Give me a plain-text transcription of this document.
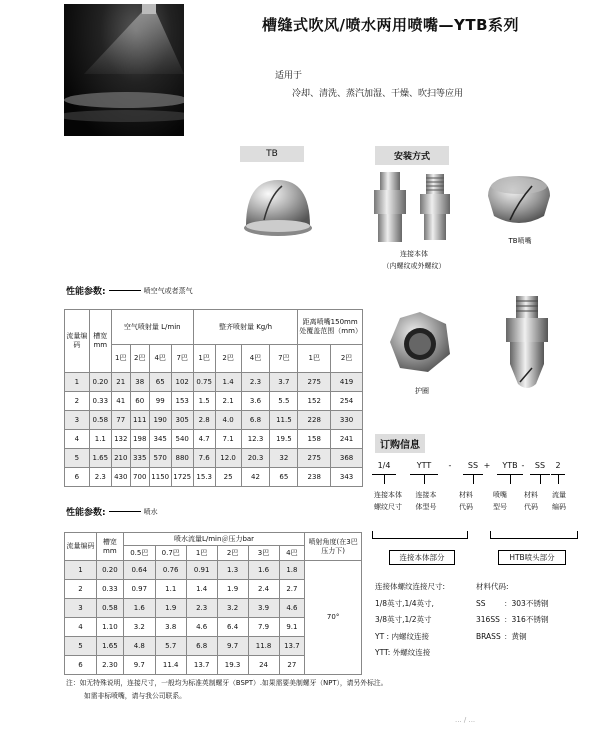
槽缝式吹风/喷水两用喷嘴—YTB系列
适用于
冷却、清洗、蒸汽加湿、干燥、吹扫等应用
TB	安装方式
连接本体
（内螺纹或外螺纹）
TB喷嘴
护圈
性能参数:	喷空气或者蒸气
流量编码	槽宽
mm	空气喷射量 L/min				整齐喷射量 Kg/h				距离喷嘴150mm处覆盖范围（mm）	
		1巴	2巴	4巴	7巴	1巴	2巴	4巴	7巴	1巴	2巴
1	0.20	21	38	65	102	0.75	1.4	2.3	3.7	275	419
2	0.33	41	60	99	153	1.5	2.1	3.6	5.5	152	254
3	0.58	77	111	190	305	2.8	4.0	6.8	11.5	228	330
4	1.1	132	198	345	540	4.7	7.1	12.3	19.5	158	241
5	1.65	210	335	570	880	7.6	12.0	20.3	32	275	368
6	2.3	430	700	1150	1725	15.3	25	42	65	238	343
性能参数:	喷水
流量编码	槽宽
mm	喷水流量L/min＠压力bar						喷射角度(在3巴压力下)
		0.5巴	0.7巴	1巴	2巴	3巴	4巴	
1	0.20	0.64	0.76	0.91	1.3	1.6	1.8	70°
2	0.33	0.97	1.1	1.4	1.9	2.4	2.7	
3	0.58	1.6	1.9	2.3	3.2	3.9	4.6	
4	1.10	3.2	3.8	4.6	6.4	7.9	9.1	
5	1.65	4.8	5.7	6.8	9.7	11.8	13.7	
6	2.30	9.7	11.4	13.7	19.3	24	27	
订购信息
1/4	YTT	-	SS +	YTB -	SS	2
连接本体
螺纹尺寸
连接本
体型号
材料
代码
喷嘴
型号
材料
代码
流量
编码
连接本体部分	HTB喷头部分
连接体螺纹连接尺寸:
1/8英寸,1/4英寸,
3/8英寸,1/2英寸
YT : 内螺纹连接
YTT: 外螺纹连接
材料代码:
SS ：303不锈钢
316SS ：316不锈钢
BRASS ：黄铜
注：如无特殊说明，连接尺寸，一般均为标准英制螺牙（BSPT）.如果需要美制螺牙（NPT），请另外标注。
如需非标喷嘴，请与我公司联系。
... / ...
